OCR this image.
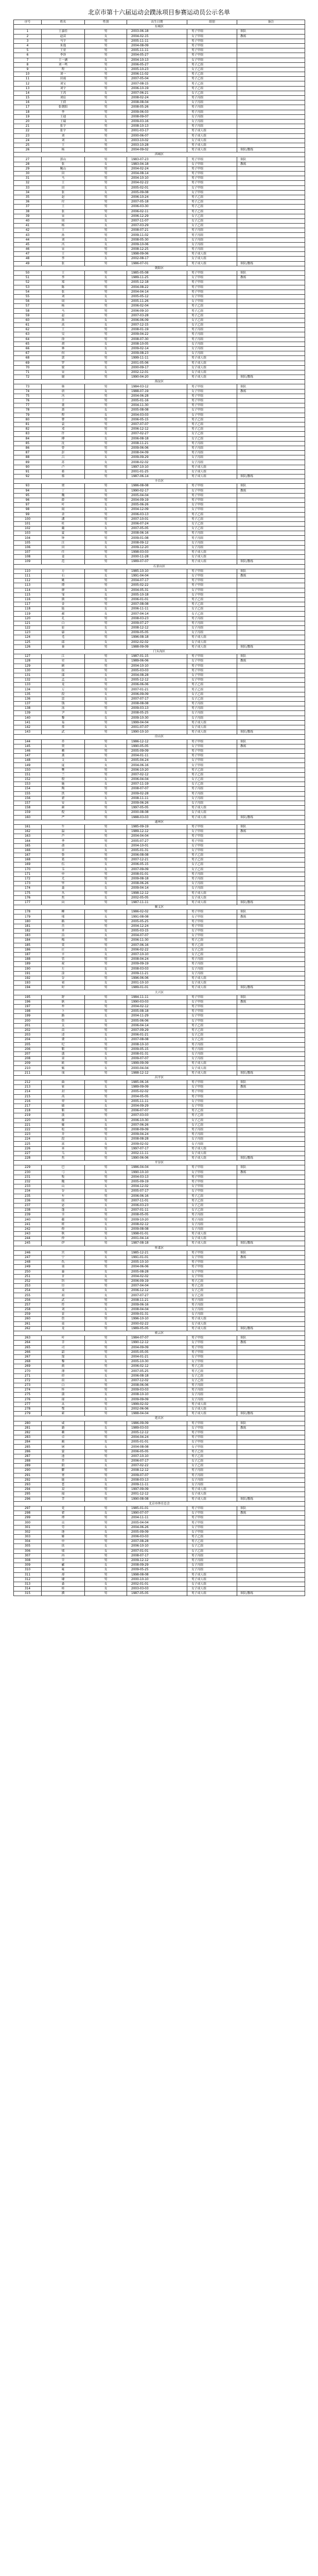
北京市第十六届运动会蹼泳项目参赛运动员公示名单
序号	姓名	性别	出生日期	组别	备注
东城区					
1	王嘉佳	男	2003-06-18	男子甲组	领队
2	赵苗	女	2004-02-15	女子甲组	教练
3	马宇	男	2005-11-11	男子甲组	
4	朱逸	男	2004-08-09	男子甲组	
5	王亚	男	2005-11-11	男子甲组	
6	李泽	男	2004-05-27	男子甲组	
7	王一涵	女	2004-10-13	女子甲组	
8	刘一鸣	男	2006-05-27	男子乙组	
9	程	女	2005-10-23	女子乙组	
10	刘一	男	2006-11-02	男子乙组	
11	田雨	男	2007-05-04	男子乙组	
12	刘宝	男	2007-08-15	男子乙组	
13	刘宇	男	2006-10-19	男子乙组	
14	王芮	女	2007-06-21	女子乙组	
15	刘宸	男	2008-02-24	男子丙组	
16	王倩	女	2008-08-04	女子丙组	
17	张朝阳	男	2008-05-26	男子丙组	
18	李	男	2009-06-03	男子丙组	
19	王迪	女	2008-09-07	女子丙组	
20	王瑞	女	2009-03-16	女子丙组	
21	张宇	男	2008-10-13	男子丙组	
22	张宇	男	2001-03-17	男子成人组	
23	刘	男	2000-06-07	男子成人组	
24	刘	女	2003-10-02	女子成人组	
25	王	男	2003-10-28	男子成人组	
26	杨	男	2004-09-02	男子成人组	领队/教练
西城区					
27	郭山	男	1983-07-23	男子甲组	领队
28	张	女	1983-04-18	女子甲组	教练
29	鲍山	男	2004-02-24	男子甲组	
30	田	男	2004-08-14	男子甲组	
31	马	男	2004-10-10	男子甲组	
32	王	男	2004-02-22	男子甲组	
33	田	女	2005-02-01	女子甲组	
34	张	女	2005-09-08	女子甲组	
35	赵	男	2006-10-24	男子乙组	
36	付	男	2007-05-18	男子乙组	
37	王	男	2006-03-30	男子乙组	
38	张	男	2006-02-11	男子乙组	
39	宋	女	2006-12-29	女子乙组	
40	周	女	2007-11-07	女子乙组	
41	杨	女	2007-03-29	女子乙组	
42	王	男	2008-07-21	男子丙组	
43	孙	男	2009-11-02	男子丙组	
44	刘	女	2008-05-30	女子丙组	
45	冯	女	2009-10-06	女子丙组	
46	宋	男	2008-12-25	男子丙组	
47	王	男	1998-09-06	男子成人组	
48	李	女	2002-08-17	女子成人组	
49	张	男	1986-07-01	男子成人组	领队/教练
朝阳区					
50	王	男	1985-05-08	男子甲组	领队
51	李	女	1989-11-25	女子甲组	教练
52	郑	男	2005-12-18	男子甲组	
53	陈	男	2004-08-22	男子甲组	
54	张	男	2004-04-14	男子甲组	
55	刘	女	2005-05-12	女子甲组	
56	周	女	2005-11-26	女子甲组	
57	杨	男	2006-02-04	男子乙组	
58	马	男	2006-09-10	男子乙组	
59	赵	男	2007-03-28	男子乙组	
60	孙	女	2006-06-09	女子乙组	
61	高	女	2007-12-15	女子乙组	
62	王	男	2008-01-19	男子丙组	
63	吴	男	2009-04-22	男子丙组	
64	徐	男	2008-07-30	男子丙组	
65	胡	女	2008-10-05	女子丙组	
66	林	女	2009-02-14	女子丙组	
67	何	女	2009-08-23	女子丙组	
68	郭	男	1999-11-11	男子成人组	
69	罗	男	2001-05-06	男子成人组	
70	梁	女	2000-09-17	女子成人组	
71	宋	女	2002-12-01	女子成人组	
72	谢	男	1990-04-20	男子成人组	领队/教练
海淀区					
73	韩	男	1984-03-12	男子甲组	领队
74	唐	女	1988-07-19	女子甲组	教练
75	冯	男	2004-06-28	男子甲组	
76	于	男	2005-01-16	男子甲组	
77	董	男	2004-11-30	男子甲组	
78	萧	女	2005-08-08	女子甲组	
79	程	女	2004-03-03	女子甲组	
80	曹	男	2006-05-15	男子乙组	
81	袁	男	2007-07-07	男子乙组	
82	邓	男	2006-12-12	男子乙组	
83	许	女	2007-02-27	女子乙组	
84	傅	女	2006-08-18	女子乙组	
85	沈	男	2008-11-21	男子丙组	
86	曾	男	2009-06-06	男子丙组	
87	彭	男	2008-04-09	男子丙组	
88	吕	女	2009-09-29	女子丙组	
89	苏	女	2008-02-02	女子丙组	
90	卢	男	1997-10-10	男子成人组	
91	蒋	女	2001-01-25	女子成人组	
92	蔡	男	1987-06-14	男子成人组	领队/教练
丰台区					
93	贾	男	1986-08-08	男子甲组	领队
94	丁	女	1990-02-17	女子甲组	教练
95	魏	男	2005-04-04	男子甲组	
96	薛	男	2004-09-19	男子甲组	
97	叶	女	2005-06-26	女子甲组	
98	阎	女	2004-12-09	女子甲组	
99	余	男	2006-03-13	男子乙组	
100	潘	男	2007-10-01	男子乙组	
101	杜	女	2006-07-24	女子乙组	
102	戴	女	2007-05-05	女子乙组	
103	夏	男	2008-06-16	男子丙组	
104	钟	男	2009-01-08	男子丙组	
105	汪	女	2008-09-12	女子丙组	
106	田	女	2009-12-20	女子丙组	
107	任	男	1998-03-03	男子成人组	
108	姜	女	2000-11-28	女子成人组	
109	范	男	1989-07-07	男子成人组	领队/教练
石景山区					
110	方	男	1985-10-10	男子甲组	领队
111	石	女	1991-04-04	女子甲组	教练
112	姚	男	2004-07-17	男子甲组	
113	谭	男	2005-02-22	男子甲组	
114	廖	女	2004-05-31	女子甲组	
115	邹	女	2005-10-18	女子甲组	
116	熊	男	2006-01-01	男子乙组	
117	金	男	2007-08-08	男子乙组	
118	陆	女	2006-11-11	女子乙组	
119	郝	女	2007-04-14	女子乙组	
120	孔	男	2008-03-23	男子丙组	
121	白	男	2009-07-27	男子丙组	
122	崔	女	2008-12-12	女子丙组	
123	康	女	2009-05-05	女子丙组	
124	毛	男	1996-08-18	男子成人组	
125	邱	女	2002-02-02	女子成人组	
126	秦	男	1988-09-09	男子成人组	领队/教练
门头沟区					
127	江	男	1987-01-15	男子甲组	领队
128	史	女	1989-06-06	女子甲组	教练
129	顾	男	2004-10-10	男子甲组	
130	侯	男	2005-03-03	男子甲组	
131	邵	女	2004-08-28	女子甲组	
132	孟	女	2005-12-12	女子甲组	
133	龙	男	2006-06-06	男子乙组	
134	万	男	2007-01-21	男子乙组	
135	段	女	2006-09-09	女子乙组	
136	雷	女	2007-07-17	女子乙组	
137	钱	男	2008-08-08	男子丙组	
138	汤	男	2009-03-13	男子丙组	
139	尹	女	2008-05-25	女子丙组	
140	黎	女	2009-10-30	女子丙组	
141	易	男	1999-04-04	男子成人组	
142	常	女	2001-07-07	女子成人组	
143	武	男	1990-10-10	男子成人组	领队/教练
房山区					
144	乔	男	1986-12-12	男子甲组	领队
145	贺	女	1990-05-05	女子甲组	教练
146	赖	男	2005-09-09	男子甲组	
147	龚	男	2004-01-11	男子甲组	
148	文	女	2005-04-24	女子甲组	
149	庞	女	2004-06-16	女子甲组	
150	樊	男	2006-10-20	男子乙组	
151	兰	男	2007-02-12	男子乙组	
152	殷	女	2006-04-04	女子乙组	
153	施	女	2007-11-19	女子乙组	
154	陶	男	2008-07-07	男子丙组	
155	洪	男	2009-02-28	男子丙组	
156	翟	女	2008-11-11	女子丙组	
157	安	女	2009-06-26	女子丙组	
158	颜	男	1997-05-05	男子成人组	
159	倪	女	2000-08-08	女子成人组	
160	严	男	1988-03-03	男子成人组	领队/教练
通州区					
161	牛	男	1985-09-19	男子甲组	领队
162	温	女	1989-12-12	女子甲组	教练
163	芦	男	2004-04-04	男子甲组	
164	季	男	2005-07-27	男子甲组	
165	俞	女	2004-10-01	女子甲组	
166	章	女	2005-01-31	女子甲组	
167	鲁	男	2006-08-08	男子乙组	
168	葛	男	2007-12-21	男子乙组	
169	伍	女	2006-05-15	女子乙组	
170	韦	女	2007-09-09	女子乙组	
171	申	男	2008-01-01	男子丙组	
172	尤	男	2009-08-18	男子丙组	
173	毕	女	2008-06-26	女子丙组	
174	聂	女	2009-04-14	女子丙组	
175	丛	男	1998-12-12	男子成人组	
176	焦	女	2002-05-05	女子成人组	
177	向	男	1987-11-11	男子成人组	领队/教练
顺义区					
178	柳	男	1986-02-02	男子甲组	领队
179	邢	女	1991-08-08	女子甲组	教练
180	路	男	2005-05-25	男子甲组	
181	岳	男	2004-12-24	男子甲组	
182	齐	女	2005-03-15	女子甲组	
183	沿	女	2004-07-07	女子甲组	
184	梅	男	2006-11-30	男子乙组	
185	莫	男	2007-06-16	男子乙组	
186	庄	女	2006-02-22	女子乙组	
187	辛	女	2007-10-10	女子乙组	
188	管	男	2008-04-24	男子丙组	
189	祝	男	2009-09-19	男子丙组	
190	左	女	2008-03-03	女子丙组	
191	涂	女	2009-11-21	女子丙组	
192	谷	男	1996-06-06	男子成人组	
193	祁	女	2001-10-10	女子成人组	
194	时	男	1989-01-01	男子成人组	领队/教练
大兴区					
195	舒	男	1984-11-11	男子甲组	领队
196	耿	女	1990-03-03	女子甲组	教练
197	牟	男	2004-02-12	男子甲组	
198	卜	男	2005-08-18	男子甲组	
199	路	女	2004-11-29	女子甲组	
200	詹	女	2005-06-06	女子甲组	
201	关	男	2006-04-14	男子乙组	
202	苗	男	2007-09-29	男子乙组	
203	凌	女	2006-01-21	女子乙组	
204	费	女	2007-08-08	女子乙组	
205	纪	男	2008-10-10	男子丙组	
206	靳	男	2009-05-15	男子丙组	
207	盛	女	2008-01-31	女子丙组	
208	童	女	2009-07-07	女子丙组	
209	欧	男	1999-09-09	男子成人组	
210	甄	女	2000-04-04	女子成人组	
211	项	男	1988-12-12	男子成人组	领队/教练
昌平区					
212	曲	男	1985-06-16	男子甲组	领队
213	家	女	1989-09-09	女子甲组	教练
214	封	男	2005-02-02	男子甲组	
215	芮	男	2004-05-05	男子甲组	
216	羿	女	2005-11-11	女子甲组	
217	储	女	2004-09-29	女子甲组	
218	靳	男	2006-07-07	男子乙组	
219	汲	男	2007-03-03	男子乙组	
220	邴	女	2006-10-30	女子乙组	
221	糜	女	2007-06-26	女子乙组	
222	松	男	2008-09-09	男子丙组	
223	井	男	2009-04-24	男子丙组	
224	段	女	2008-08-28	女子丙组	
225	富	女	2009-02-02	女子丙组	
226	巫	男	1997-07-17	男子成人组	
227	乌	女	2002-11-11	女子成人组	
228	焦	男	1990-06-06	男子成人组	领队/教练
平谷区					
229	巴	男	1986-04-04	男子甲组	领队
230	弓	女	1990-10-10	女子甲组	教练
231	牧	男	2004-03-13	男子甲组	
232	隗	男	2005-09-19	男子甲组	
233	山	女	2004-12-02	女子甲组	
234	谷	女	2005-07-17	女子甲组	
235	车	男	2006-06-16	男子乙组	
236	侯	男	2007-11-01	男子乙组	
237	宓	女	2006-03-23	女子乙组	
238	蓬	女	2007-01-11	女子乙组	
239	全	男	2008-05-05	男子丙组	
240	郗	男	2009-10-20	男子丙组	
241	班	女	2008-02-12	女子丙组	
242	仰	女	2009-08-08	女子丙组	
243	秋	男	1998-01-01	男子成人组	
244	仲	女	2001-04-14	女子成人组	
245	伊	男	1987-08-18	男子成人组	领队/教练
怀柔区					
246	宫	男	1985-12-21	男子甲组	领队
247	宁	女	1991-01-01	女子甲组	教练
248	仇	男	2005-10-10	男子甲组	
249	栾	男	2004-06-06	男子甲组	
250	暴	女	2005-08-28	女子甲组	
251	甘	女	2004-02-02	女子甲组	
252	钭	男	2006-09-19	男子乙组	
253	厉	男	2007-04-04	男子乙组	
254	戎	女	2006-12-12	女子乙组	
255	祖	女	2007-07-27	女子乙组	
256	武	男	2008-11-21	男子丙组	
257	符	男	2009-06-16	男子丙组	
258	刘	女	2008-04-04	女子丙组	
259	景	女	2009-01-31	女子丙组	
260	詹	男	1996-10-10	男子成人组	
261	束	女	2000-02-22	女子成人组	
262	龙	男	1989-05-05	男子成人组	领队/教练
密云区					
263	叶	男	1984-07-07	男子甲组	领队
264	幸	女	1990-12-12	女子甲组	教练
265	司	男	2004-09-09	男子甲组	
266	韶	男	2005-05-05	男子甲组	
267	郜	女	2004-01-21	女子甲组	
268	黎	女	2005-10-30	女子甲组	
269	蓟	男	2006-02-12	男子乙组	
270	薄	男	2007-05-25	男子乙组	
271	印	女	2006-08-18	女子乙组	
272	宿	女	2007-12-02	女子乙组	
273	白	男	2008-06-06	男子丙组	
274	怀	男	2009-03-03	男子丙组	
275	蒲	女	2008-10-10	女子丙组	
276	邰	女	2009-09-09	女子丙组	
277	从	男	1999-02-02	男子成人组	
278	鄂	女	2002-06-06	女子成人组	
279	索	男	1988-04-04	男子成人组	领队/教练
延庆区					
280	咸	男	1986-09-09	男子甲组	领队
281	籍	女	1989-03-03	女子甲组	教练
282	赖	男	2005-12-12	男子甲组	
283	卓	男	2004-04-24	男子甲组	
284	蔺	女	2005-01-01	女子甲组	
285	屠	女	2004-08-08	女子甲组	
286	蒙	男	2006-05-05	男子乙组	
287	池	男	2007-10-10	男子乙组	
288	乔	女	2006-07-17	女子乙组	
289	阴	女	2007-02-22	女子乙组	
290	鬱	男	2008-12-12	男子丙组	
291	胥	男	2009-07-07	男子丙组	
292	能	女	2008-03-13	女子丙组	
293	苍	女	2009-11-11	女子丙组	
294	双	男	1997-09-09	男子成人组	
295	闻	女	2001-12-12	女子成人组	
296	莘	男	1990-08-08	男子成人组	领队/教练
北京市体育总会					
297	党	男	1985-01-01	男子甲组	领队
298	翟	女	1990-07-07	女子甲组	教练
299	谭	男	2004-11-11	男子甲组	
300	贡	男	2005-04-04	男子甲组	
301	劳	女	2004-06-26	女子甲组	
302	逄	女	2005-09-09	女子甲组	
303	姬	男	2006-03-03	男子乙组	
304	申	男	2007-08-28	男子乙组	
305	扶	女	2006-10-10	女子乙组	
306	堵	女	2007-01-01	女子乙组	
307	冉	男	2008-07-17	男子丙组	
308	宰	男	2009-12-12	男子丙组	
309	郦	女	2008-09-29	女子丙组	
310	雍	女	2009-05-25	女子丙组	
311	却	男	1998-08-08	男子成人组	
312	璩	男	2000-10-10	男子成人组	
313	桑	女	2002-01-01	女子成人组	
314	桂	女	2003-03-03	女子成人组	
315	濮	男	1987-05-05	男子成人组	领队/教练
